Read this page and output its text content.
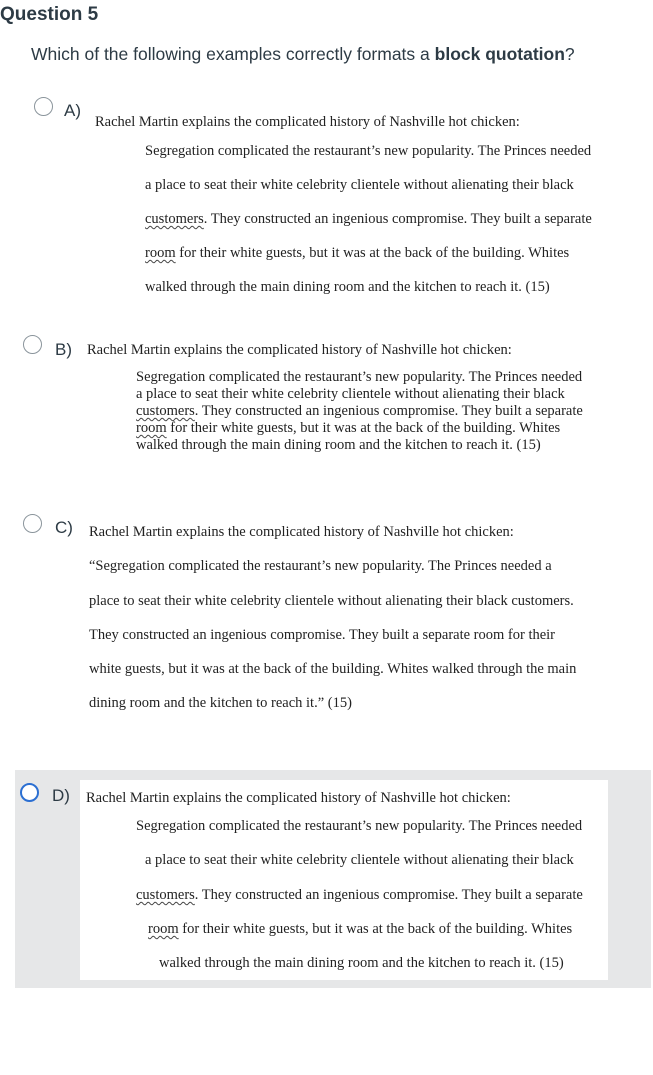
Question 5

Which of the following examples correctly formats a block quotation?

A)
Rachel Martin explains the complicated history of Nashville hot chicken:
Segregation complicated the restaurant’s new popularity. The Princes needed
a place to seat their white celebrity clientele without alienating their black
customers. They constructed an ingenious compromise. They built a separate
room for their white guests, but it was at the back of the building. Whites
walked through the main dining room and the kitchen to reach it. (15)
B) Rachel Martin explains the complicated history of Nashville hot chicken:
Segregation complicated the restaurant’s new popularity. The Princes needed
a place to seat their white celebrity clientele without alienating their black
customers. They constructed an ingenious compromise. They built a separate
room for their white guests, but it was at the back of the building. Whites
walked through the main dining room and the kitchen to reach it. (15)
C) Rachel Martin explains the complicated history of Nashville hot chicken:
“Segregation complicated the restaurant’s new popularity. The Princes needed a
place to seat their white celebrity clientele without alienating their black customers.
They constructed an ingenious compromise. They built a separate room for their
white guests, but it was at the back of the building. Whites walked through the main
dining room and the kitchen to reach it.” (15)
D) Rachel Martin explains the complicated history of Nashville hot chicken:
Segregation complicated the restaurant’s new popularity. The Princes needed
a place to seat their white celebrity clientele without alienating their black
customers. They constructed an ingenious compromise. They built a separate
room for their white guests, but it was at the back of the building. Whites
walked through the main dining room and the kitchen to reach it. (15)
